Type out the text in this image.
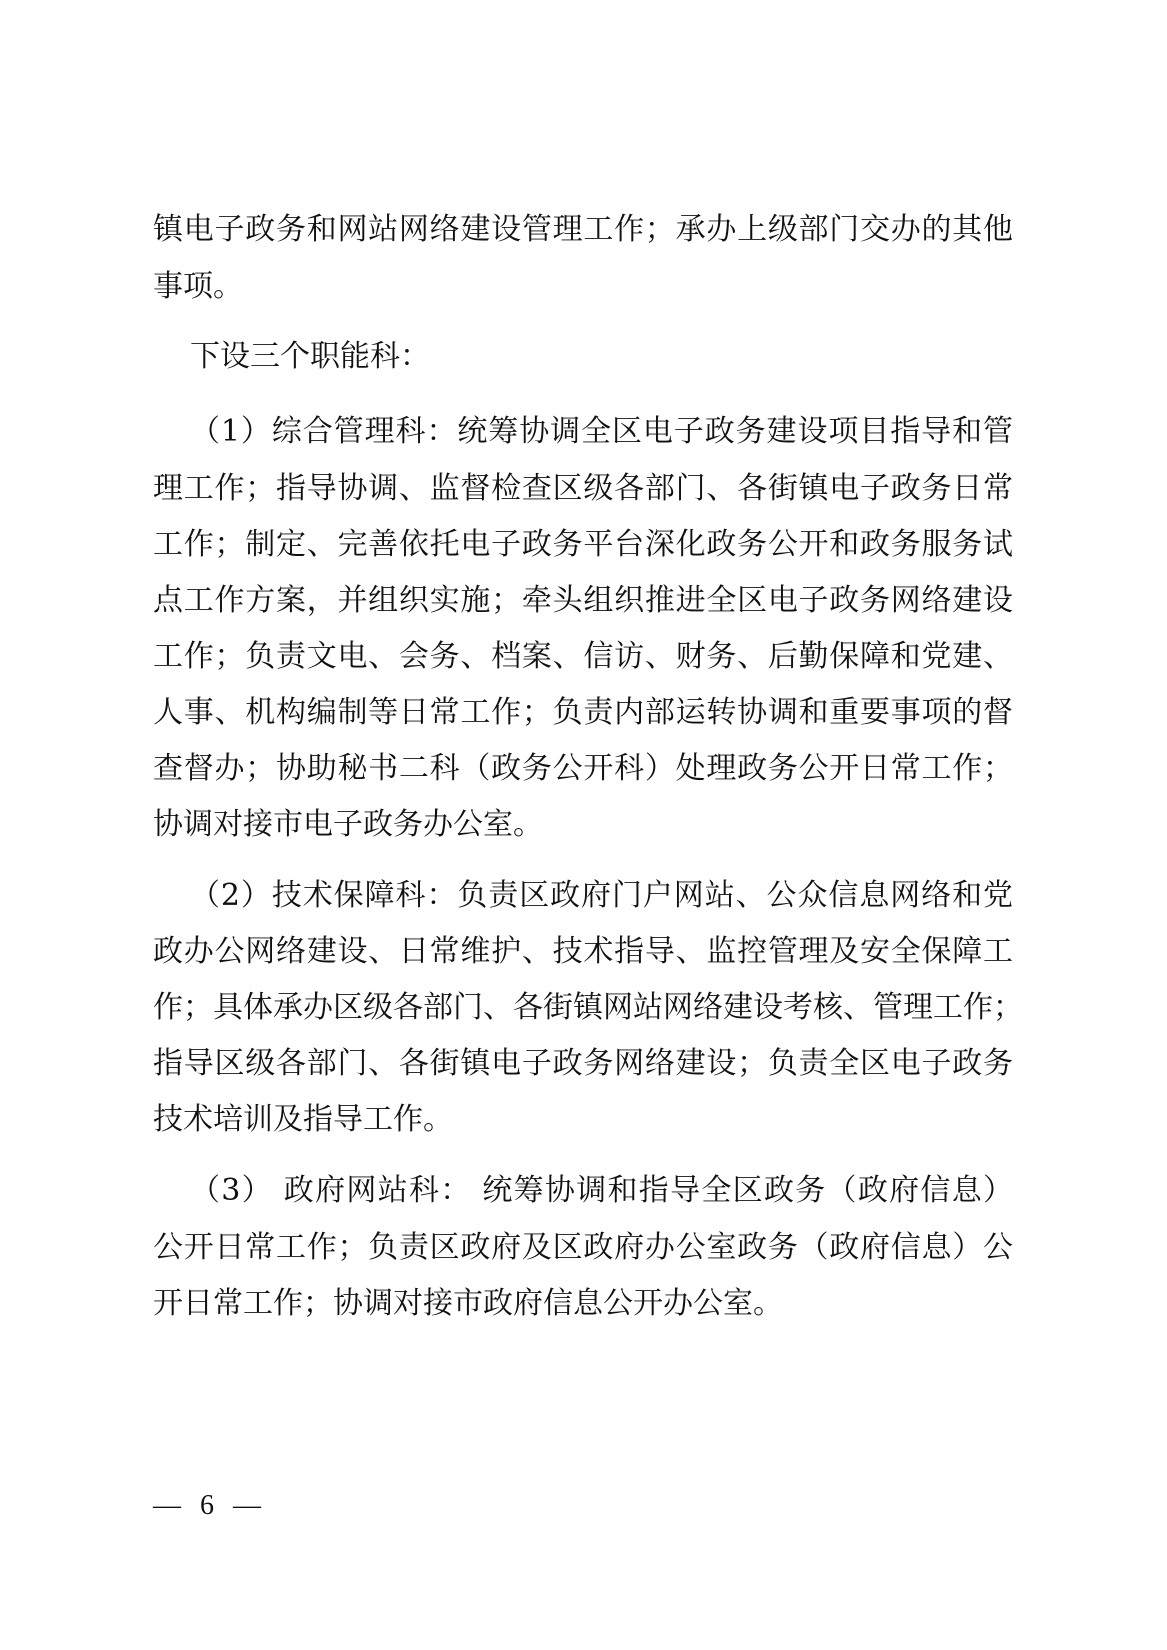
镇电子政务和网站网络建设管理工作；承办上级部门交办的其他
事项。
下设三个职能科：
（1）综合管理科：统筹协调全区电子政务建设项目指导和管
理工作；指导协调、监督检查区级各部门、各街镇电子政务日常
工作；制定、完善依托电子政务平台深化政务公开和政务服务试
点工作方案，并组织实施；牵头组织推进全区电子政务网络建设
工作；负责文电、会务、档案、信访、财务、后勤保障和党建、
人事、机构编制等日常工作；负责内部运转协调和重要事项的督
查督办；协助秘书二科（政务公开科）处理政务公开日常工作；
协调对接市电子政务办公室。
（2）技术保障科：负责区政府门户网站、公众信息网络和党
政办公网络建设、日常维护、技术指导、监控管理及安全保障工
作；具体承办区级各部门、各街镇网站网络建设考核、管理工作；
指导区级各部门、各街镇电子政务网络建设；负责全区电子政务
技术培训及指导工作。
（3） 政府网站科： 统筹协调和指导全区政务（政府信息）
公开日常工作；负责区政府及区政府办公室政务（政府信息）公
开日常工作；协调对接市政府信息公开办公室。
— 6 —
